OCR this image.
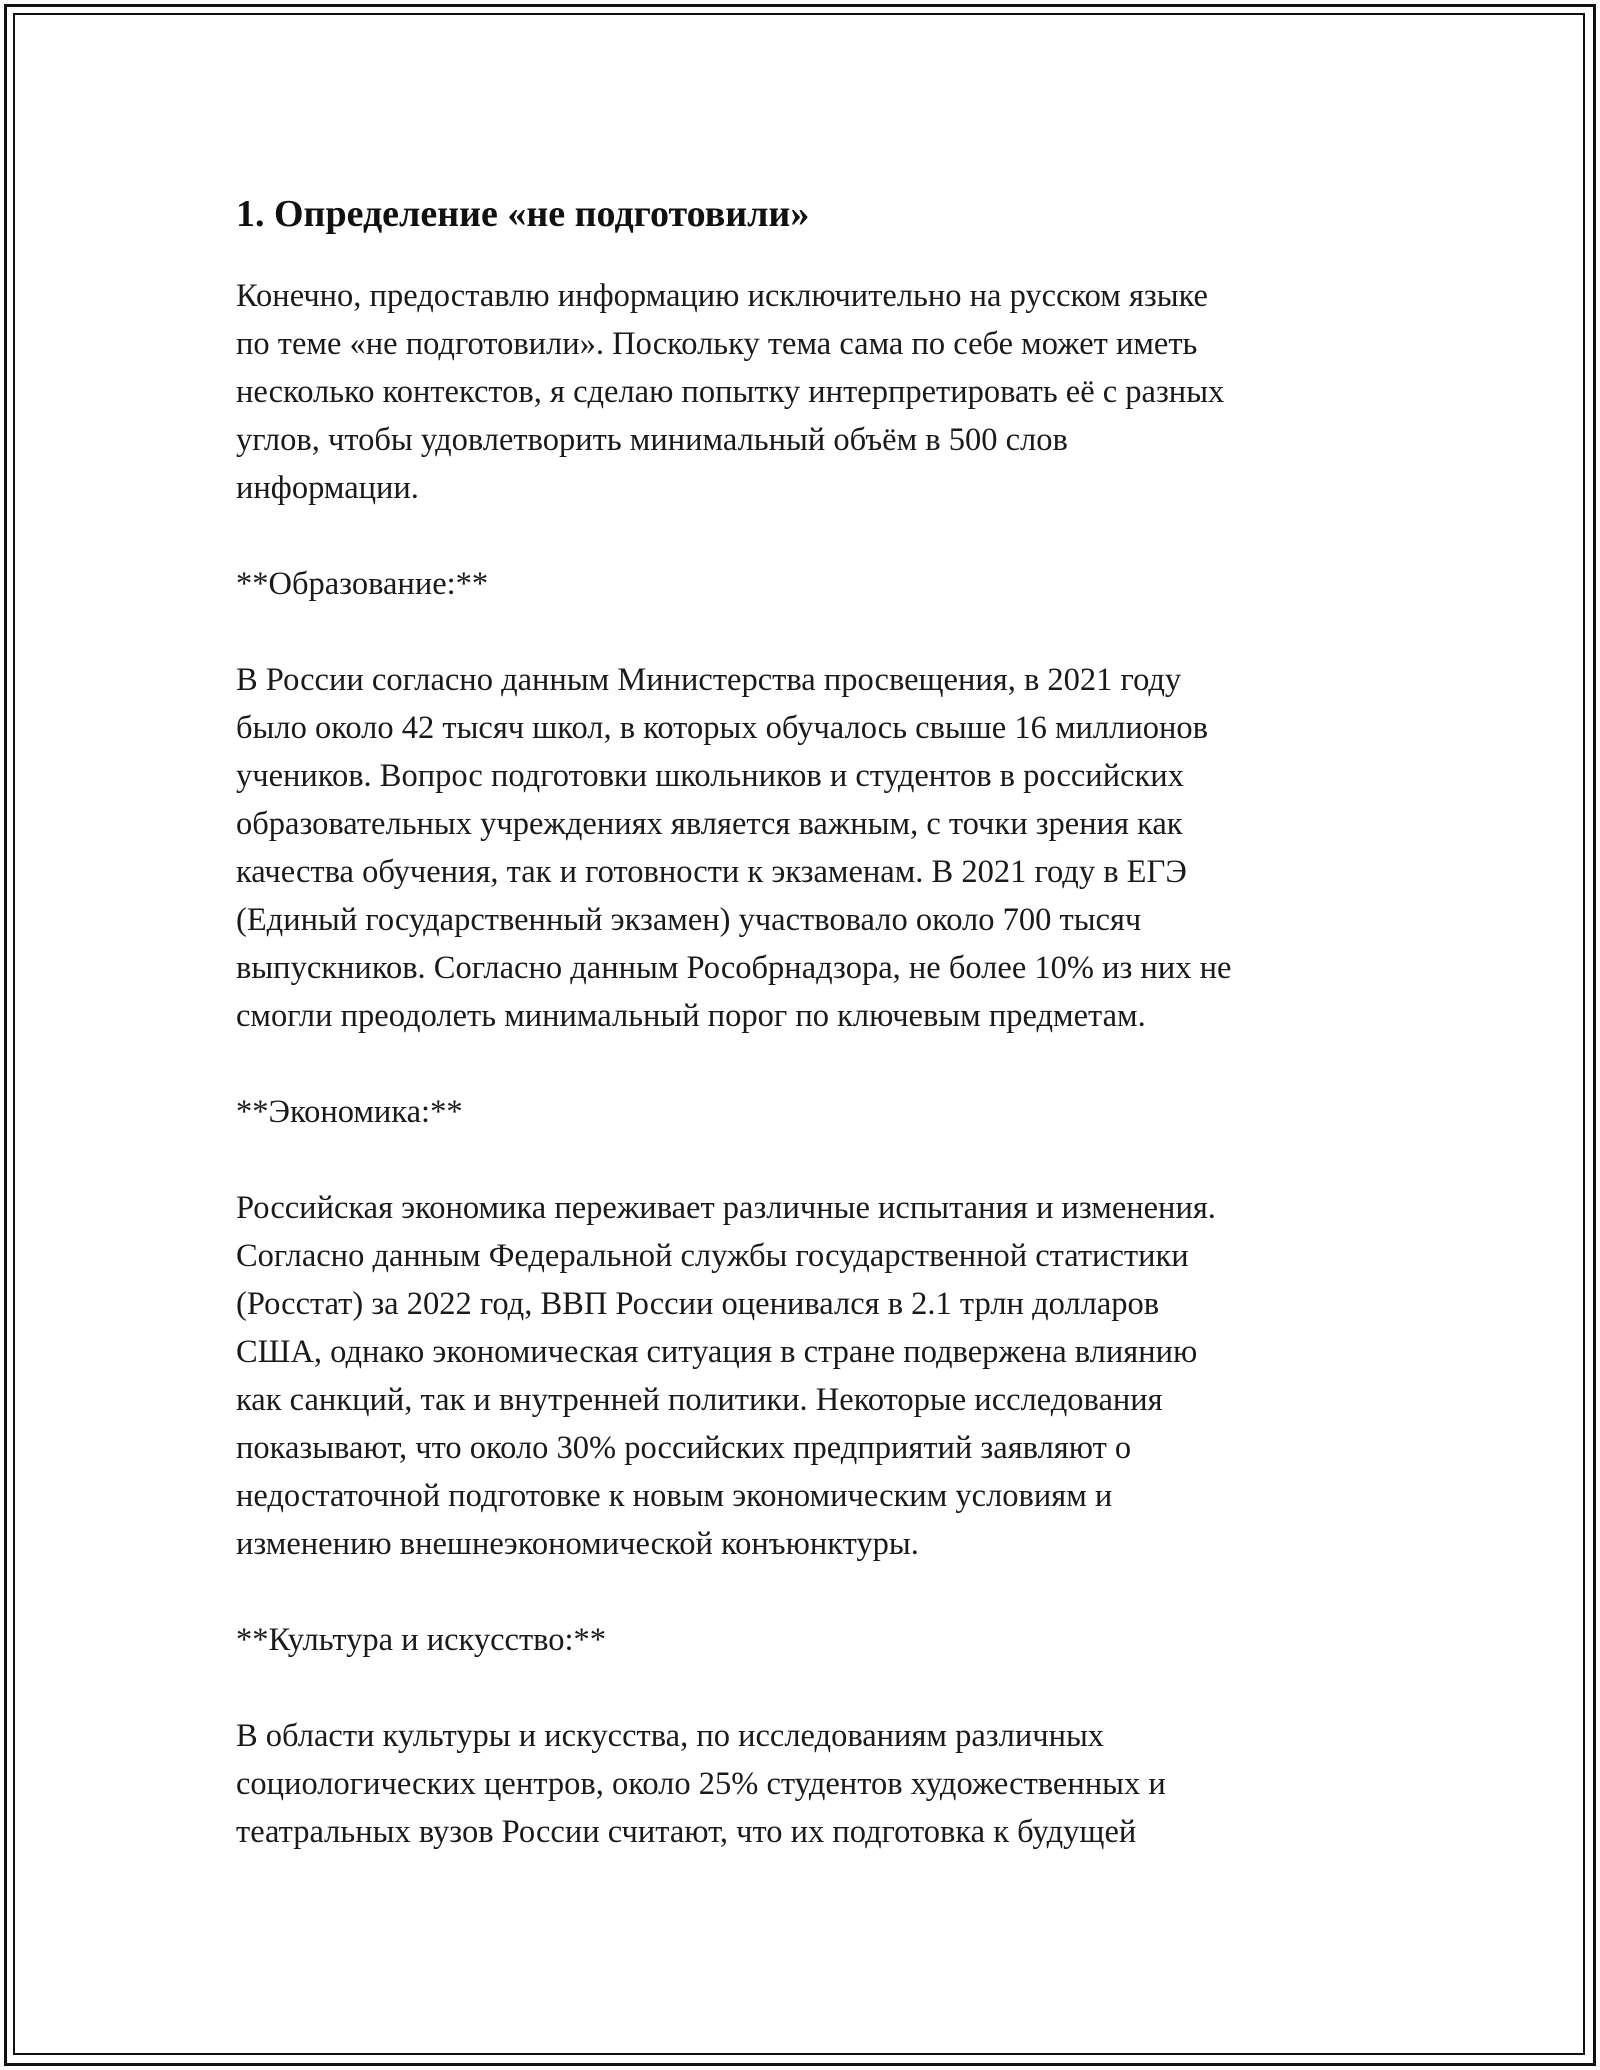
1. Определение «не подготовили»
Конечно, предоставлю информацию исключительно на русском языке
по теме «не подготовили». Поскольку тема сама по себе может иметь
несколько контекстов, я сделаю попытку интерпретировать её с разных
углов, чтобы удовлетворить минимальный объём в 500 слов
информации.
**Образование:**
В России согласно данным Министерства просвещения, в 2021 году
было около 42 тысяч школ, в которых обучалось свыше 16 миллионов
учеников. Вопрос подготовки школьников и студентов в российских
образовательных учреждениях является важным, с точки зрения как
качества обучения, так и готовности к экзаменам. В 2021 году в ЕГЭ
(Единый государственный экзамен) участвовало около 700 тысяч
выпускников. Согласно данным Рособрнадзора, не более 10% из них не
смогли преодолеть минимальный порог по ключевым предметам.
**Экономика:**
Российская экономика переживает различные испытания и изменения.
Согласно данным Федеральной службы государственной статистики
(Росстат) за 2022 год, ВВП России оценивался в 2.1 трлн долларов
США, однако экономическая ситуация в стране подвержена влиянию
как санкций, так и внутренней политики. Некоторые исследования
показывают, что около 30% российских предприятий заявляют о
недостаточной подготовке к новым экономическим условиям и
изменению внешнеэкономической конъюнктуры.
**Культура и искусство:**
В области культуры и искусства, по исследованиям различных
социологических центров, около 25% студентов художественных и
театральных вузов России считают, что их подготовка к будущей
